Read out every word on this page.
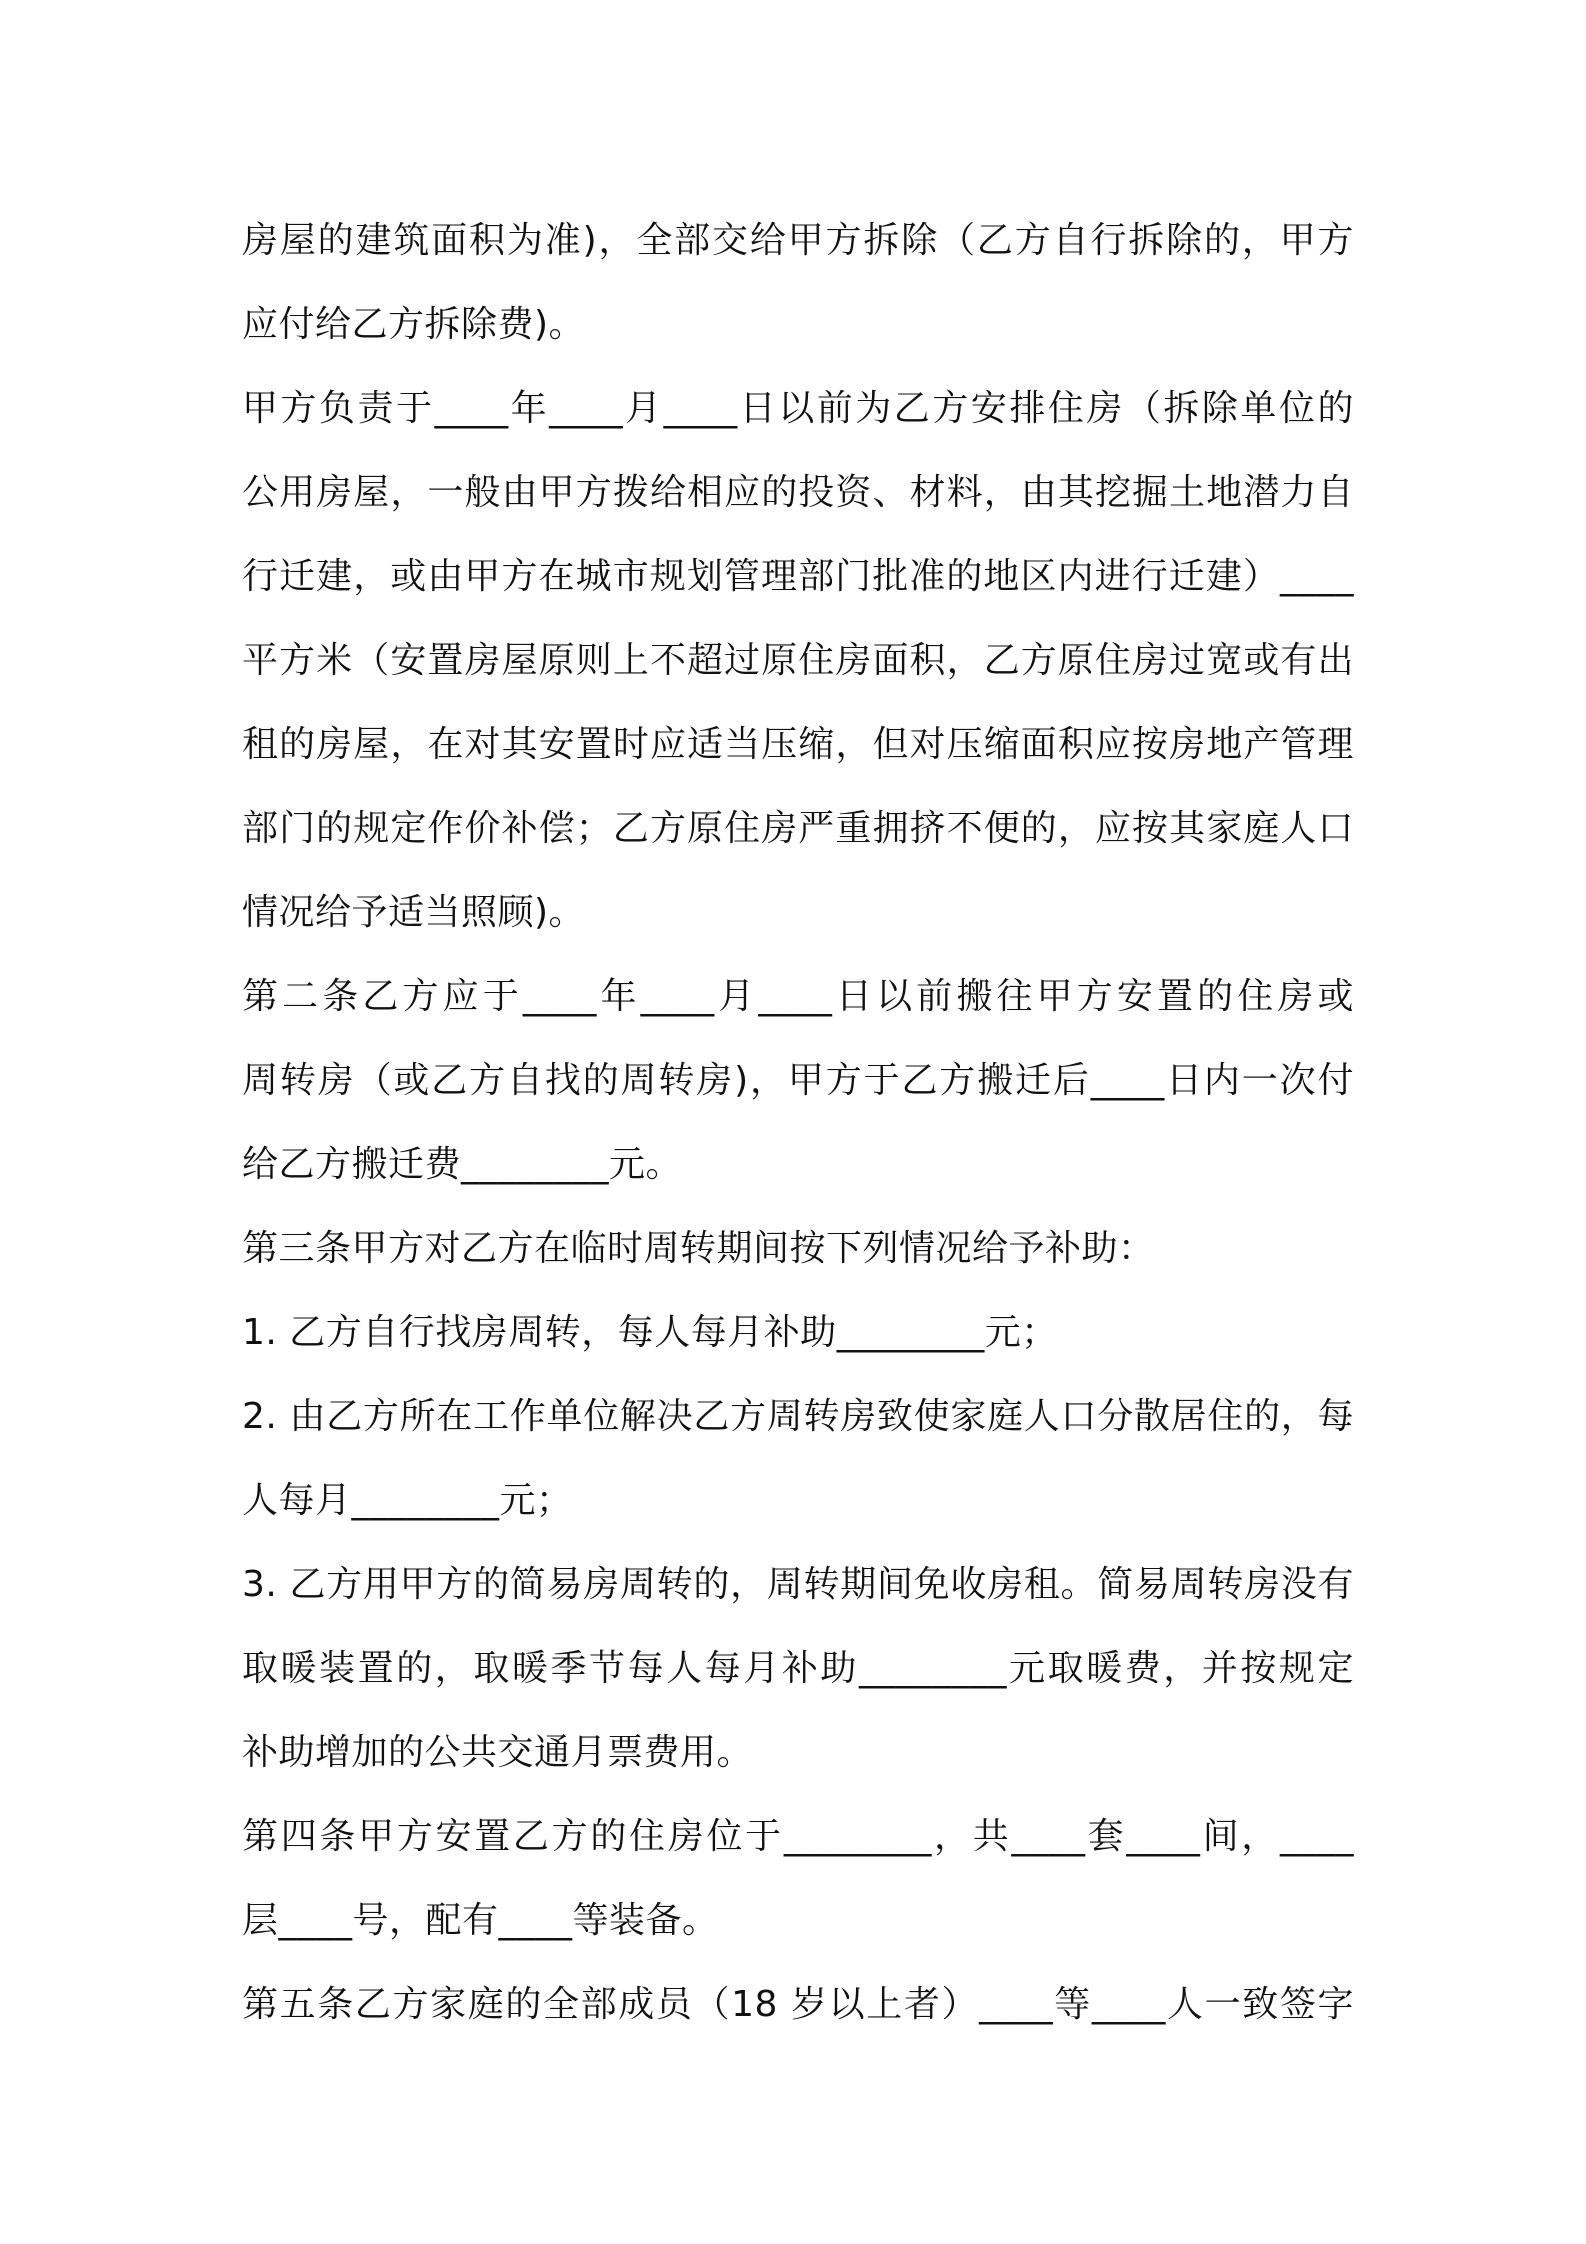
房屋的建筑面积为准)，全部交给甲方拆除（乙方自行拆除的，甲方
应付给乙方拆除费)。
甲方负责于____年____月____日以前为乙方安排住房（拆除单位的
公用房屋，一般由甲方拨给相应的投资、材料，由其挖掘土地潜力自
行迁建，或由甲方在城市规划管理部门批准的地区内进行迁建）____
平方米（安置房屋原则上不超过原住房面积，乙方原住房过宽或有出
租的房屋，在对其安置时应适当压缩，但对压缩面积应按房地产管理
部门的规定作价补偿；乙方原住房严重拥挤不便的，应按其家庭人口
情况给予适当照顾)。
第二条乙方应于____年____月____日以前搬往甲方安置的住房或
周转房（或乙方自找的周转房)，甲方于乙方搬迁后____日内一次付
给乙方搬迁费________元。
第三条甲方对乙方在临时周转期间按下列情况给予补助：
1. 乙方自行找房周转，每人每月补助________元；
2. 由乙方所在工作单位解决乙方周转房致使家庭人口分散居住的，每
人每月________元；
3. 乙方用甲方的简易房周转的，周转期间免收房租。简易周转房没有
取暖装置的，取暖季节每人每月补助________元取暖费，并按规定
补助增加的公共交通月票费用。
第四条甲方安置乙方的住房位于________，共____套____间，____
层____号，配有____等装备。
第五条乙方家庭的全部成员（18 岁以上者）____等____人一致签字
